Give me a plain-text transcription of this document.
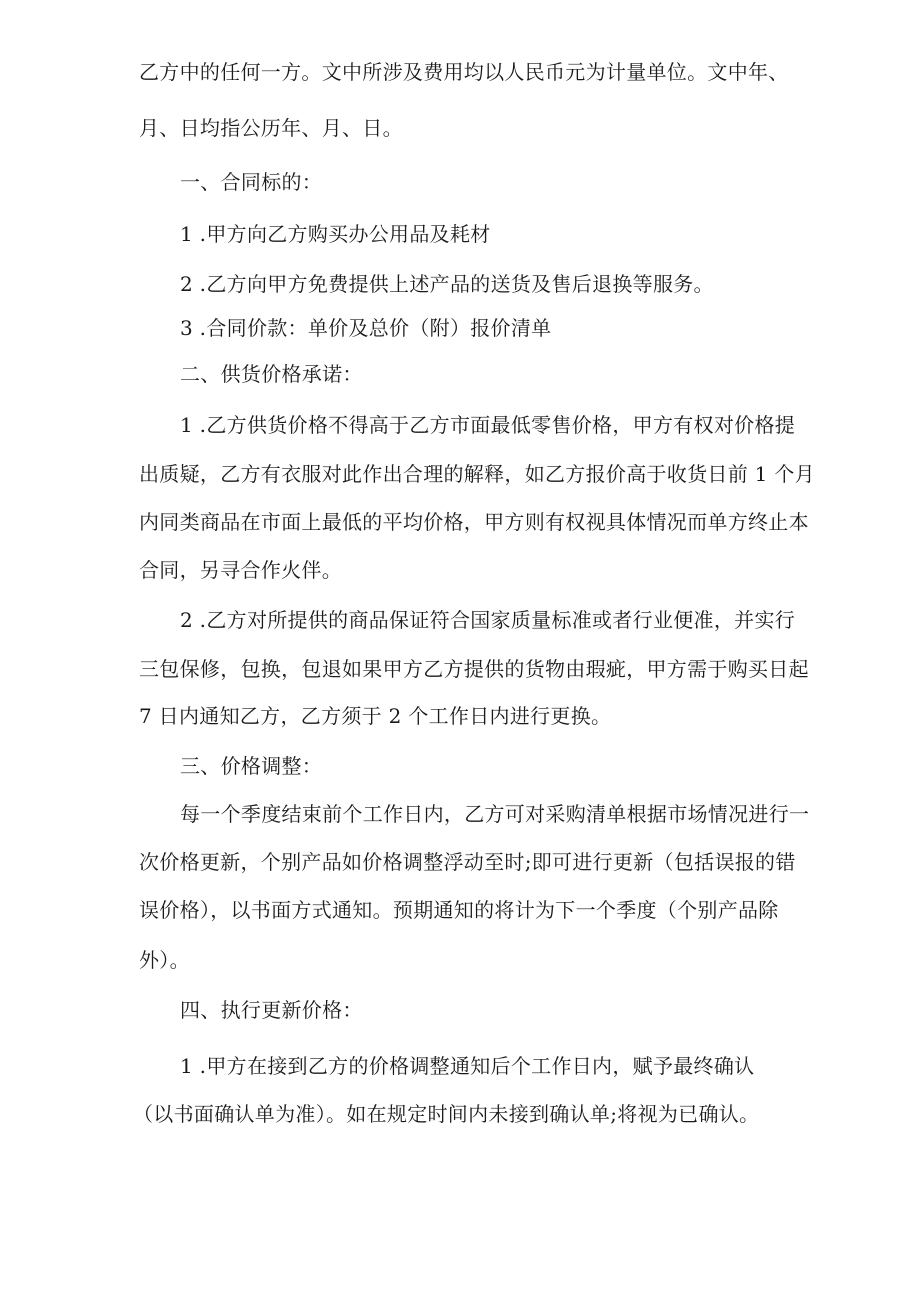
乙方中的任何一方。文中所涉及费用均以人民币元为计量单位。文中年、
月、日均指公历年、月、日。
一、合同标的：
1 .甲方向乙方购买办公用品及耗材
2 .乙方向甲方免费提供上述产品的送货及售后退换等服务。
3 .合同价款：单价及总价（附）报价清单
二、供货价格承诺：
1 .乙方供货价格不得高于乙方市面最低零售价格，甲方有权对价格提
出质疑，乙方有衣服对此作出合理的解释，如乙方报价高于收货日前 1 个月
内同类商品在市面上最低的平均价格，甲方则有权视具体情况而单方终止本
合同，另寻合作火伴。
2 .乙方对所提供的商品保证符合国家质量标准或者行业便准，并实行
三包保修，包换，包退如果甲方乙方提供的货物由瑕疵，甲方需于购买日起
7 日内通知乙方，乙方须于 2 个工作日内进行更换。
三、价格调整：
每一个季度结束前个工作日内，乙方可对采购清单根据市场情况进行一
次价格更新，个别产品如价格调整浮动至时;即可进行更新（包括误报的错
误价格），以书面方式通知。预期通知的将计为下一个季度（个别产品除
外）。
四、执行更新价格：
1 .甲方在接到乙方的价格调整通知后个工作日内，赋予最终确认
（以书面确认单为准）。如在规定时间内未接到确认单;将视为已确认。
